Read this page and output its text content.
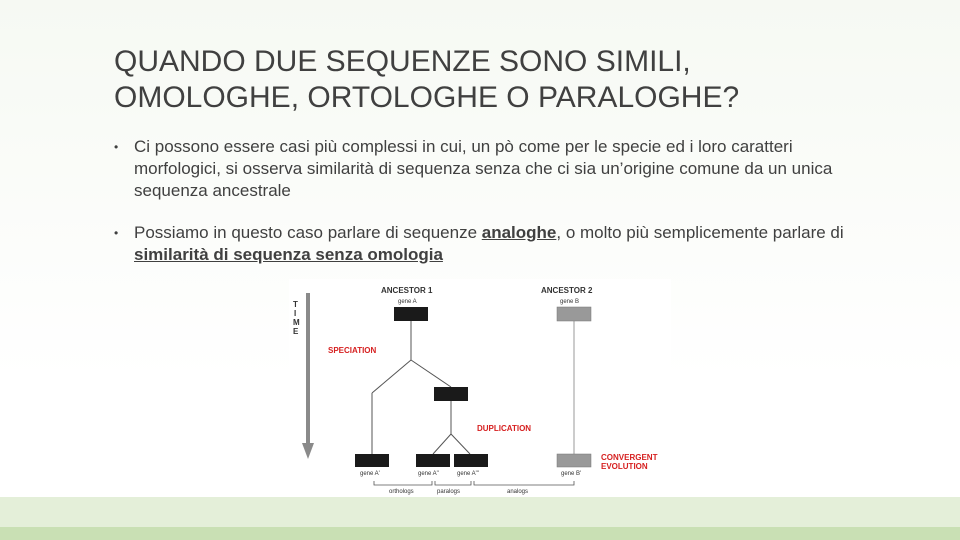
QUANDO DUE SEQUENZE SONO SIMILI,
OMOLOGHE, ORTOLOGHE O PARALOGHE?
• Ci possono essere casi più complessi in cui, un pò come per le specie ed i loro caratteri morfologici, si osserva similarità di sequenza senza che ci sia un’origine comune da un unica sequenza ancestrale
• Possiamo in questo caso parlare di sequenze analoghe, o molto più semplicemente parlare di similarità di sequenza senza omologia
T
I
M
E
ANCESTOR 1
gene A
ANCESTOR 2
gene B
SPECIATION
DUPLICATION
CONVERGENT
EVOLUTION
gene A'	gene A"	gene A"'	gene B'
orthologs	paralogs	analogs
